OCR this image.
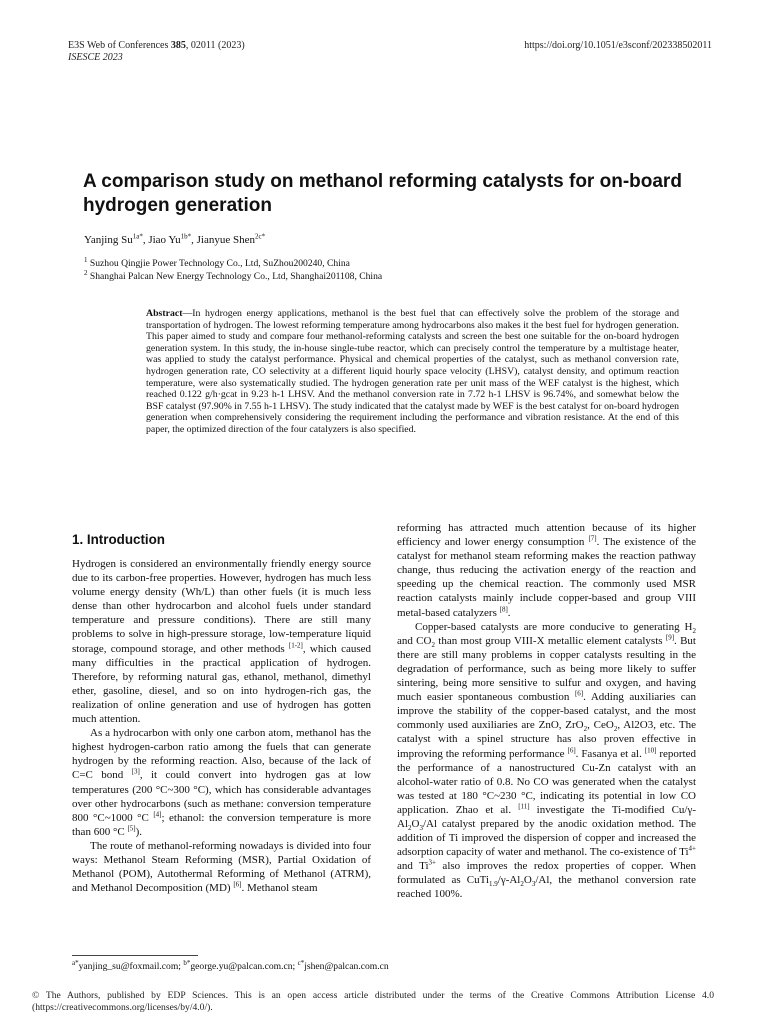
E3S Web of Conferences 385, 02011 (2023)
ISESCE 2023
https://doi.org/10.1051/e3sconf/202338502011
A comparison study on methanol reforming catalysts for on-board hydrogen generation
Yanjing $Su^{1a*}$, Jiao $Yu^{1b*}$, Jianyue Shen$^{2c*}$
$^1$ Suzhou Qingjie Power Technology Co., Ltd, SuZhou200240, China
$^2$ Shanghai Palcan New Energy Technology Co., Ltd, Shanghai201108, China
Abstract—In hydrogen energy applications, methanol is the best fuel that can effectively solve the problem of the storage and transportation of hydrogen. The lowest reforming temperature among hydrocarbons also makes it the best fuel for hydrogen generation. This paper aimed to study and compare four methanol-reforming catalysts and screen the best one suitable for the on-board hydrogen generation system. In this study, the in-house single-tube reactor, which can precisely control the temperature by a multistage heater, was applied to study the catalyst performance. Physical and chemical properties of the catalyst, such as methanol conversion rate, hydrogen generation rate, CO selectivity at a different liquid hourly space velocity (LHSV), catalyst density, and optimum reaction temperature, were also systematically studied. The hydrogen generation rate per unit mass of the WEF catalyst is the highest, which reached 0.122 g/h·gcat in 9.23 h-1 LHSV. And the methanol conversion rate in 7.72 h-1 LHSV is 96.74%, and somewhat below the BSF catalyst (97.90% in 7.55 h-1 LHSV). The study indicated that the catalyst made by WEF is the best catalyst for on-board hydrogen generation when comprehensively considering the requirement including the performance and vibration resistance. At the end of this paper, the optimized direction of the four catalyzers is also specified.
1. Introduction

Hydrogen is considered an environmentally friendly energy source due to its carbon-free properties. However, hydrogen has much less volume energy density (Wh/L) than other fuels (it is much less dense than other hydrocarbon and alcohol fuels under standard temperature and pressure conditions). There are still many problems to solve in high-pressure storage, low-temperature liquid storage, compound storage, and other methods [1-2], which caused many difficulties in the practical application of hydrogen. Therefore, by reforming natural gas, ethanol, methanol, dimethyl ether, gasoline, diesel, and so on into hydrogen-rich gas, the realization of online generation and use of hydrogen has gotten much attention.

As a hydrocarbon with only one carbon atom, methanol has the highest hydrogen-carbon ratio among the fuels that can generate hydrogen by the reforming reaction. Also, because of the lack of C=C bond [3], it could convert into hydrogen gas at low temperatures (200 °C~300 °C), which has considerable advantages over other hydrocarbons (such as methane: conversion temperature 800 °C~1000 °C [4]; ethanol: the conversion temperature is more than 600 °C [5]).

The route of methanol-reforming nowadays is divided into four ways: Methanol Steam Reforming (MSR), Partial Oxidation of Methanol (POM), Autothermal Reforming of Methanol (ATRM), and Methanol Decomposition (MD) [6]. Methanol steam

reforming has attracted much attention because of its higher efficiency and lower energy consumption [7]. The existence of the catalyst for methanol steam reforming makes the reaction pathway change, thus reducing the activation energy of the reaction and speeding up the chemical reaction. The commonly used MSR reaction catalysts mainly include copper-based and group VIII metal-based catalyzers [8].

Copper-based catalysts are more conducive to generating $H_2$ and $CO_2$ than most group VIII-X metallic element catalysts [9]. But there are still many problems in copper catalysts resulting in the degradation of performance, such as being more likely to suffer sintering, being more sensitive to sulfur and oxygen, and having much easier spontaneous combustion [6]. Adding auxiliaries can improve the stability of the copper-based catalyst, and the most commonly used auxiliaries are ZnO, ZrO$_2$, CeO$_2$, Al2O3, etc. The catalyst with a spinel structure has also proven effective in improving the reforming performance [6]. Fasanya et al. [10] reported the performance of a nanostructured Cu-Zn catalyst with an alcohol-water ratio of 0.8. No CO was generated when the catalyst was tested at 180 °C~230 °C, indicating its potential in low CO application. Zhao et al. [11] investigate the Ti-modified $Cu/\gamma-Al_2O_3/Al$ catalyst prepared by the anodic oxidation method. The addition of Ti improved the dispersion of copper and increased the adsorption capacity of water and methanol. The co-existence of $Ti^{4+}$ and $Ti^{3+}$ also improves the redox properties of copper. When formulated as $CuTi_{1.9}/\gamma-Al_2O_3/Al$, the methanol conversion rate reached 100%.

$^{a*}$yanjing_su@foxmail.com; $^{b*}$george.yu@palcan.com.cn; $^{c*}$jshen@palcan.com.cn
© The Authors, published by EDP Sciences. This is an open access article distributed under the terms of the Creative Commons Attribution License 4.0 (https://creativecommons.org/licenses/by/4.0/).
